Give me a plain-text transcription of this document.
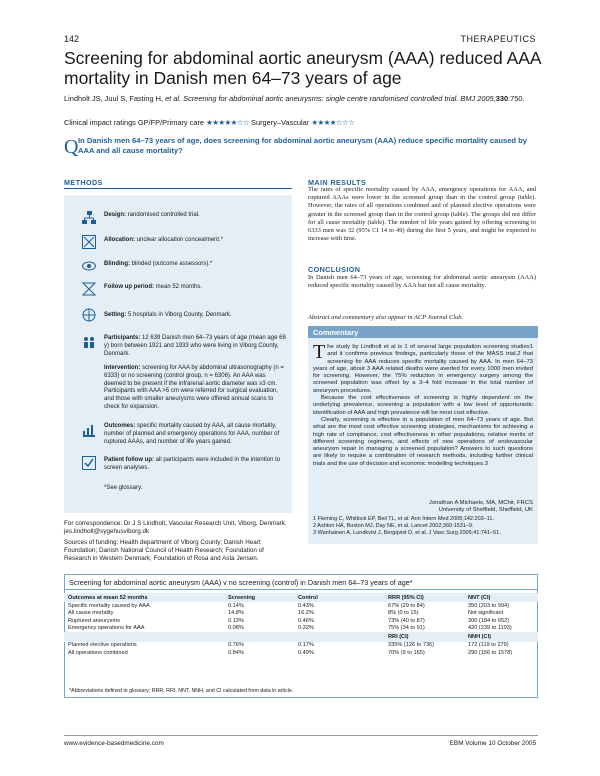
142	THERAPEUTICS
Screening for abdominal aortic aneurysm (AAA) reduced AAA mortality in Danish men 64–73 years of age
Lindholt JS, Juul S, Fasting H, et al. Screening for abdominal aortic aneurysms: single centre randomised controlled trial. BMJ 2005;330:750.
Clinical impact ratings GP/FP/Primary care ★★★★★☆☆ Surgery–Vascular ★★★★☆☆☆
Q In Danish men 64–73 years of age, does screening for abdominal aortic aneurysm (AAA) reduce specific mortality caused by AAA and all cause mortality?
METHODS
Design: randomised controlled trial.
Allocation: unclear allocation concealment.*
Blinding: blinded (outcome assessors).*
Follow up period: mean 52 months.
Setting: 5 hospitals in Viborg County, Denmark.
Participants: 12 639 Danish men 64–73 years of age (mean age 68 y) born between 1921 and 1933 who were living in Viborg County, Denmark.
Intervention: screening for AAA by abdominal ultrasonography (n = 6333) or no screening (control group, n = 6306). An AAA was deemed to be present if the infrarenal aortic diameter was ≥3 cm. Participants with AAA >5 cm were referred for surgical evaluation, and those with smaller aneurysms were offered annual scans to check for expansion.
Outcomes: specific mortality caused by AAA, all cause mortality, number of planned and emergency operations for AAA, number of ruptured AAAs, and number of life years gained.
Patient follow up: all participants were included in the intention to screen analyses.
*See glossary.
For correspondence: Dr J S Lindholt, Vascular Research Unit, Viborg, Denmark. jes.lindholt@sygehusviborg.dk
Sources of funding: Health department of Viborg County; Danish Heart Foundation; Danish National Council of Health Research; Foundation of Research in Western Denmark; Foundation of Rosa and Asta Jensen.
MAIN RESULTS
The rates of specific mortality caused by AAA, emergency operations for AAA, and ruptured AAAs were lower in the screened group than in the control group (table). However, the rates of all operations combined and of planned elective operations were greater in the screened group than in the control group (table). The groups did not differ for all cause mortality (table). The number of life years gained by offering screening to 6333 men was 32 (95% CI 14 to 49) during the first 5 years, and might be expected to increase with time.
CONCLUSION
In Danish men 64–73 years of age, screening for abdominal aortic aneurysm (AAA) reduced specific mortality caused by AAA but not all cause mortality.
Abstract and commentary also appear in ACP Journal Club.
Commentary

The study by Lindholt et al is 1 of several large population screening studies1 and it confirms previous findings, particularly those of the MASS trial,2 that screening for AAA reduces specific mortality caused by AAA. In men 64–73 years of age, about 3 AAA related deaths were averted for every 1000 men invited for screening. However, the 75% reduction in emergency surgery among the screened population was offset by a 3–4 fold increase in the total number of aneurysm procedures.

Because the cost effectiveness of screening is highly dependent on the underlying prevalence, screening a population with a low level of opportunistic identification of AAA and high prevalence will be most cost effective.

Clearly, screening is effective in a population of men 64–73 years of age. But what are the most cost effective screening strategies, mechanisms for achieving a high rate of compliance, cost effectiveness in other populations, relative merits of different screening regimens, and effects of new operations of endovascular aneurysm repair in managing a screened population? Answers to such questions are likely to require a combination of research methods, including further clinical trials and the use of decision and economic modelling techniques.3

Jonathan A Michaels, MA, MChir, FRCS
University of Sheffield, Sheffield, UK
1 Fleming C, Whitlock EP, Beil TL, et al. Ann Intern Med 2005;142:203–11.
2 Ashton HA, Buxton MJ, Day NE, et al. Lancet 2002;360:1531–9.
3 Wanhainen A, Lundkvist J, Bergqvist D, et al. J Vasc Surg 2005;41:741–51.
Screening for abdominal aortic aneurysm (AAA) v no screening (control) in Danish men 64–73 years of age*
Outcomes at mean 52 months	Screening	Control	RRR (95% CI)	NNT (CI)
Specific mortality caused by AAA	0.14%	0.43%	67% (29 to 84)	350 (203 to 994)
All cause mortality	14.8%	16.2%	8% (0 to 15)	Not significant
Ruptured aneurysms	0.13%	0.46%	73% (40 to 87)	300 (184 to 652)
Emergency operations for AAA	0.08%	0.32%	75% (34 to 91)	420 (239 to 1103)
			RRI (CI)	NNH (CI)
Planned elective operations	0.76%	0.17%	335% (126 to 736)	172 (119 to 279)
All operations combined	0.84%	0.49%	70% (9 to 165)	290 (156 to 1578)
*Abbreviations defined in glossary; RRR, RRI, NNT, NNH, and CI calculated from data in article.
www.evidence-basedmedicine.com	EBM Volume 10 October 2005
